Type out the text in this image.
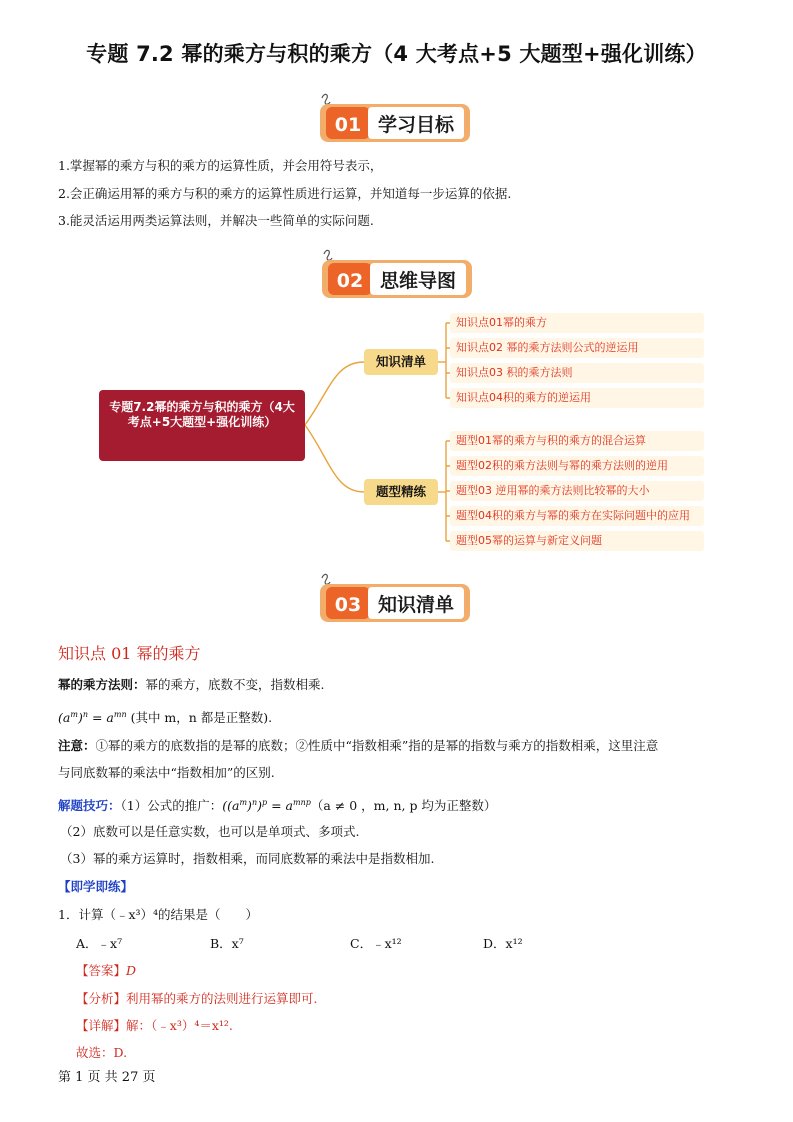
专题 7.2 幂的乘方与积的乘方（4 大考点+5 大题型+强化训练）
01 学习目标
1.掌握幂的乘方与积的乘方的运算性质，并会用符号表示，
2.会正确运用幂的乘方与积的乘方的运算性质进行运算，并知道每一步运算的依据.
3.能灵活运用两类运算法则，并解决一些简单的实际问题.
02 思维导图
专题7.2幂的乘方与积的乘方（4大考点+5大题型+强化训练）
知识清单
知识点01幂的乘方
知识点02 幂的乘方法则公式的逆运用
知识点03 积的乘方法则
知识点04积的乘方的逆运用
题型精练
题型01幂的乘方与积的乘方的混合运算
题型02积的乘方法则与幂的乘方法则的逆用
题型03 逆用幂的乘方法则比较幂的大小
题型04积的乘方与幂的乘方在实际问题中的应用
题型05幂的运算与新定义问题
03 知识清单
知识点 01 幂的乘方
幂的乘方法则：幂的乘方，底数不变，指数相乘.
$(a^m)^n = a^{mn}$ (其中 m，n 都是正整数).
注意：①幂的乘方的底数指的是幂的底数；②性质中“指数相乘”指的是幂的指数与乘方的指数相乘，这里注意
与同底数幂的乘法中“指数相加”的区别.
解题技巧：（1）公式的推广：$((a^m)^n)^p = a^{mnp}(a \ne 0$ ，m, n, p 均为正整数）
（2）底数可以是任意实数，也可以是单项式、多项式.
（3）幂的乘方运算时，指数相乘，而同底数幂的乘法中是指数相加.
【即学即练】
1．计算（﹣x³）⁴的结果是（　　）
A．﹣x⁷	B．x⁷	C．﹣x¹²	D．x¹²
【答案】D
【分析】利用幂的乘方的法则进行运算即可.
【详解】解：（﹣x³）⁴＝x¹².
故选：D.
第 1 页 共 27 页
